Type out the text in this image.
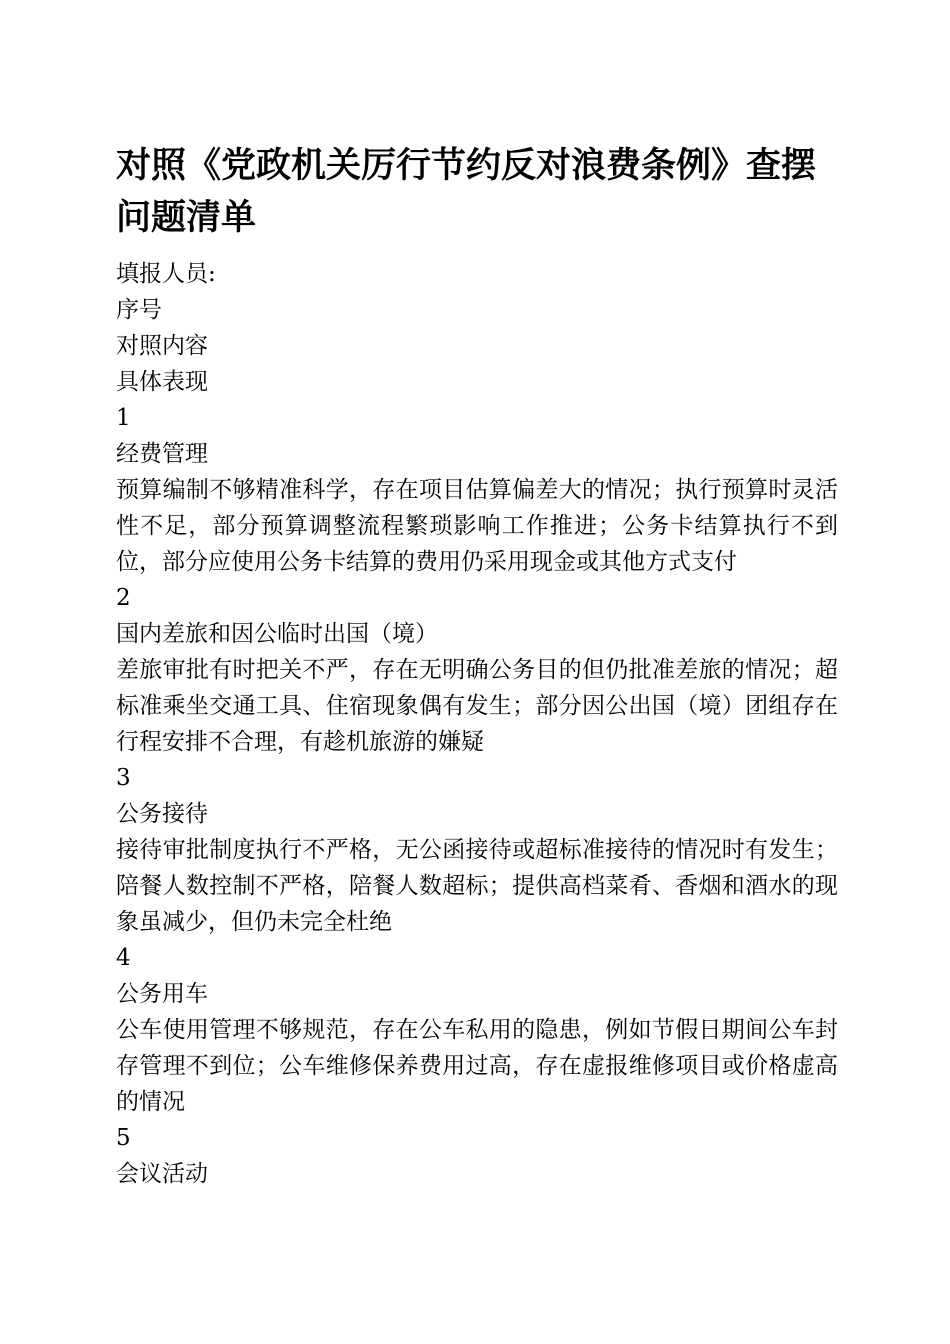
对照《党政机关厉行节约反对浪费条例》查摆问题清单

填报人员:

序号

对照内容

具体表现

1

经费管理

预算编制不够精准科学，存在项目估算偏差大的情况；执行预算时灵活性不足，部分预算调整流程繁琐影响工作推进；公务卡结算执行不到位，部分应使用公务卡结算的费用仍采用现金或其他方式支付

2

国内差旅和因公临时出国（境）

差旅审批有时把关不严，存在无明确公务目的但仍批准差旅的情况；超标准乘坐交通工具、住宿现象偶有发生；部分因公出国（境）团组存在行程安排不合理，有趁机旅游的嫌疑

3

公务接待

接待审批制度执行不严格，无公函接待或超标准接待的情况时有发生；陪餐人数控制不严格，陪餐人数超标；提供高档菜肴、香烟和酒水的现象虽减少，但仍未完全杜绝

4

公务用车

公车使用管理不够规范，存在公车私用的隐患，例如节假日期间公车封存管理不到位；公车维修保养费用过高，存在虚报维修项目或价格虚高的情况

5

会议活动
